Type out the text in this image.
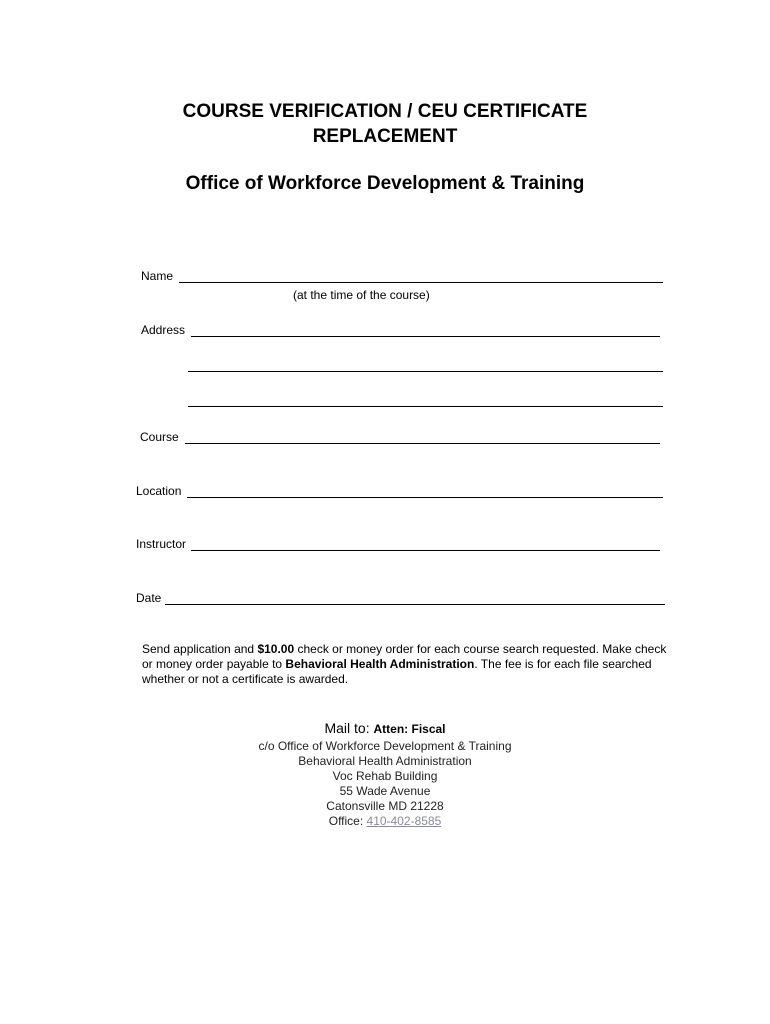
COURSE VERIFICATION / CEU CERTIFICATE
REPLACEMENT
Office of Workforce Development & Training
Name
(at the time of the course)
Address
Course
Location
Instructor
Date
Send application and $10.00 check or money order for each course search requested. Make check or money order payable to Behavioral Health Administration. The fee is for each file searched whether or not a certificate is awarded.
Mail to: Atten: Fiscal
c/o Office of Workforce Development & Training
Behavioral Health Administration
Voc Rehab Building
55 Wade Avenue
Catonsville MD 21228
Office: 410-402-8585
